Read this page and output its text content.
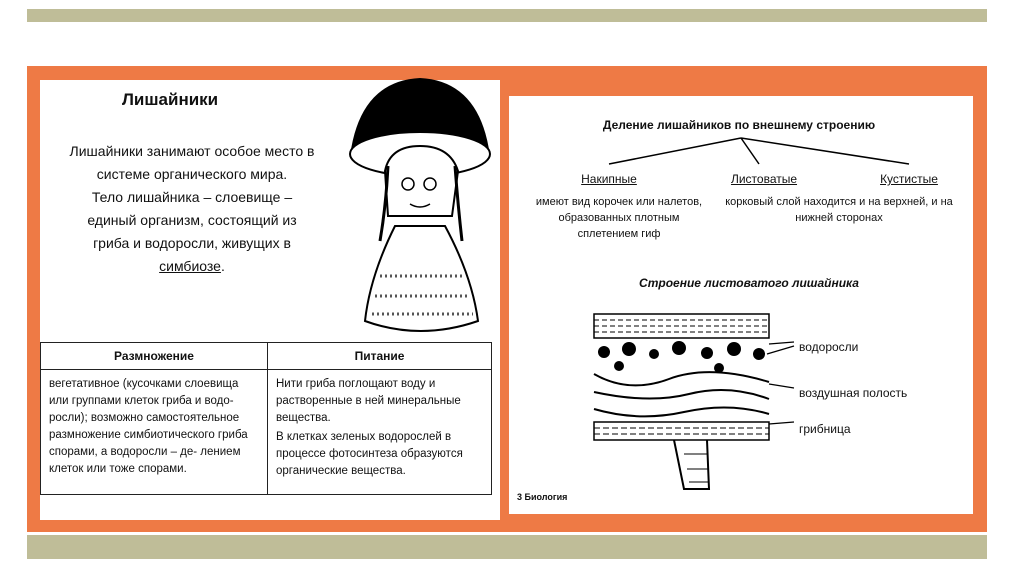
Лишайники
Лишайники занимают особое место в
системе органического мира.
Тело лишайника – слоевище –
единый организм, состоящий из
гриба и водоросли, живущих в
симбиозе.
Размножение	Питание
вегетативное (кусочками слоевища или группами клеток гриба и водо- росли); возможно самостоятельное размножение симбиотического гриба спорами, а водоросли – де- лением клеток или тоже спорами.	Нити гриба поглощают воду и растворенные в ней минеральные вещества.
В клетках зеленых водорослей в процессе фотосинтеза образуются органические вещества.
Деление лишайников по внешнему строению
Накипные	Листоватые	Кустистые
имеют вид корочек или налетов, образованных плотным сплетением гиф
корковый слой находится и на верхней, и на нижней сторонах
Строение листоватого лишайника
водоросли
воздушная полость
грибница
3 Биология
